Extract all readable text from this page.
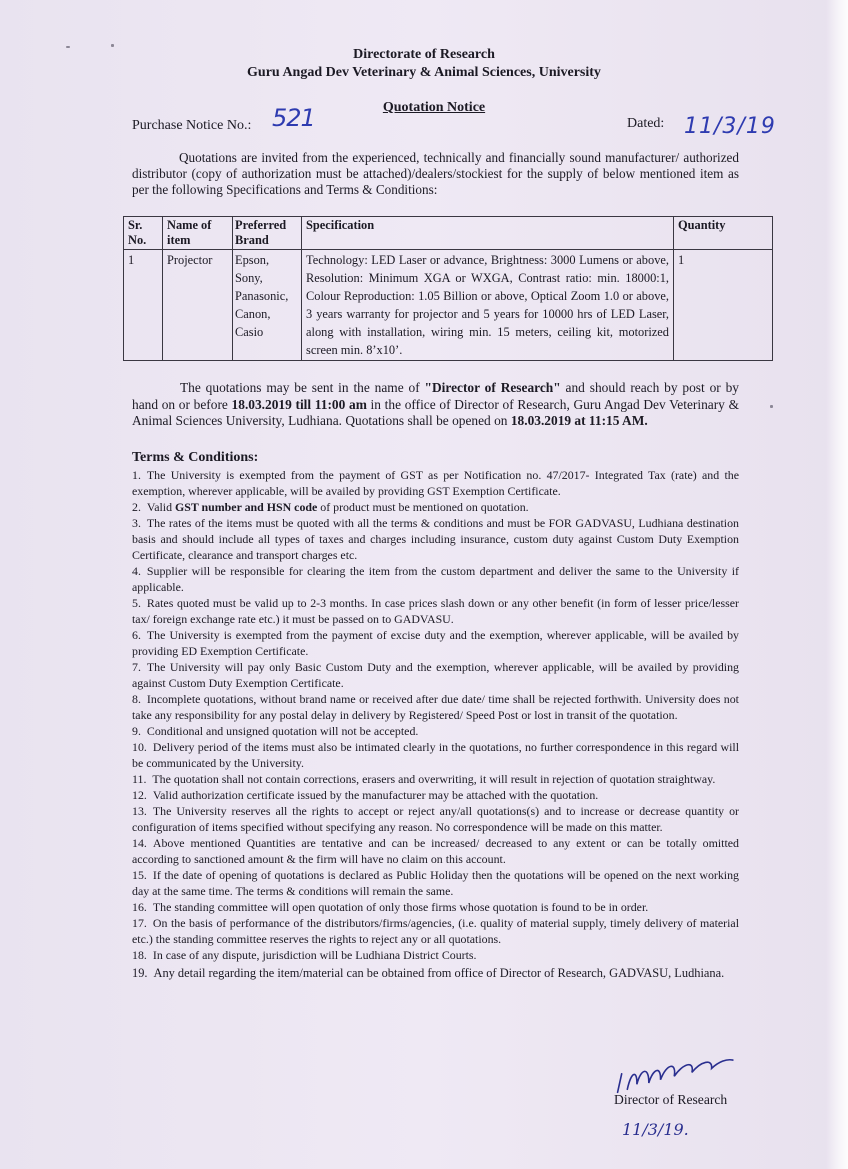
Directorate of Research
Guru Angad Dev Veterinary & Animal Sciences, University
Quotation Notice
Purchase Notice No.: 521	Dated: 11/3/19

Quotations are invited from the experienced, technically and financially sound manufacturer/ authorized distributor (copy of authorization must be attached)/dealers/stockiest for the supply of below mentioned item as per the following Specifications and Terms & Conditions:

Sr. No.	Name of item	Preferred Brand	Specification	Quantity
1	Projector	Epson, Sony, Panasonic, Canon, Casio	Technology: LED Laser or advance, Brightness: 3000 Lumens or above, Resolution: Minimum XGA or WXGA, Contrast ratio: min. 18000:1, Colour Reproduction: 1.05 Billion or above, Optical Zoom 1.0 or above, 3 years warranty for projector and 5 years for 10000 hrs of LED Laser, along with installation, wiring min. 15 meters, ceiling kit, motorized screen min. 8’x10’.	1

The quotations may be sent in the name of "Director of Research" and should reach by post or by hand on or before 18.03.2019 till 11:00 am in the office of Director of Research, Guru Angad Dev Veterinary & Animal Sciences University, Ludhiana. Quotations shall be opened on 18.03.2019 at 11:15 AM.

Terms & Conditions:

1. The University is exempted from the payment of GST as per Notification no. 47/2017- Integrated Tax (rate) and the exemption, wherever applicable, will be availed by providing GST Exemption Certificate.

2. Valid GST number and HSN code of product must be mentioned on quotation.

3. The rates of the items must be quoted with all the terms & conditions and must be FOR GADVASU, Ludhiana destination basis and should include all types of taxes and charges including insurance, custom duty against Custom Duty Exemption Certificate, clearance and transport charges etc.

4. Supplier will be responsible for clearing the item from the custom department and deliver the same to the University if applicable.

5. Rates quoted must be valid up to 2-3 months. In case prices slash down or any other benefit (in form of lesser price/lesser tax/ foreign exchange rate etc.) it must be passed on to GADVASU.

6. The University is exempted from the payment of excise duty and the exemption, wherever applicable, will be availed by providing ED Exemption Certificate.

7. The University will pay only Basic Custom Duty and the exemption, wherever applicable, will be availed by providing against Custom Duty Exemption Certificate.

8. Incomplete quotations, without brand name or received after due date/ time shall be rejected forthwith. University does not take any responsibility for any postal delay in delivery by Registered/ Speed Post or lost in transit of the quotation.

9. Conditional and unsigned quotation will not be accepted.

10. Delivery period of the items must also be intimated clearly in the quotations, no further correspondence in this regard will be communicated by the University.

11. The quotation shall not contain corrections, erasers and overwriting, it will result in rejection of quotation straightway.

12. Valid authorization certificate issued by the manufacturer may be attached with the quotation.

13. The University reserves all the rights to accept or reject any/all quotations(s) and to increase or decrease quantity or configuration of items specified without specifying any reason. No correspondence will be made on this matter.

14. Above mentioned Quantities are tentative and can be increased/ decreased to any extent or can be totally omitted according to sanctioned amount & the firm will have no claim on this account.

15. If the date of opening of quotations is declared as Public Holiday then the quotations will be opened on the next working day at the same time. The terms & conditions will remain the same.

16. The standing committee will open quotation of only those firms whose quotation is found to be in order.

17. On the basis of performance of the distributors/firms/agencies, (i.e. quality of material supply, timely delivery of material etc.) the standing committee reserves the rights to reject any or all quotations.

18. In case of any dispute, jurisdiction will be Ludhiana District Courts.

19. Any detail regarding the item/material can be obtained from office of Director of Research, GADVASU, Ludhiana.

Director of Research
11/3/19.
